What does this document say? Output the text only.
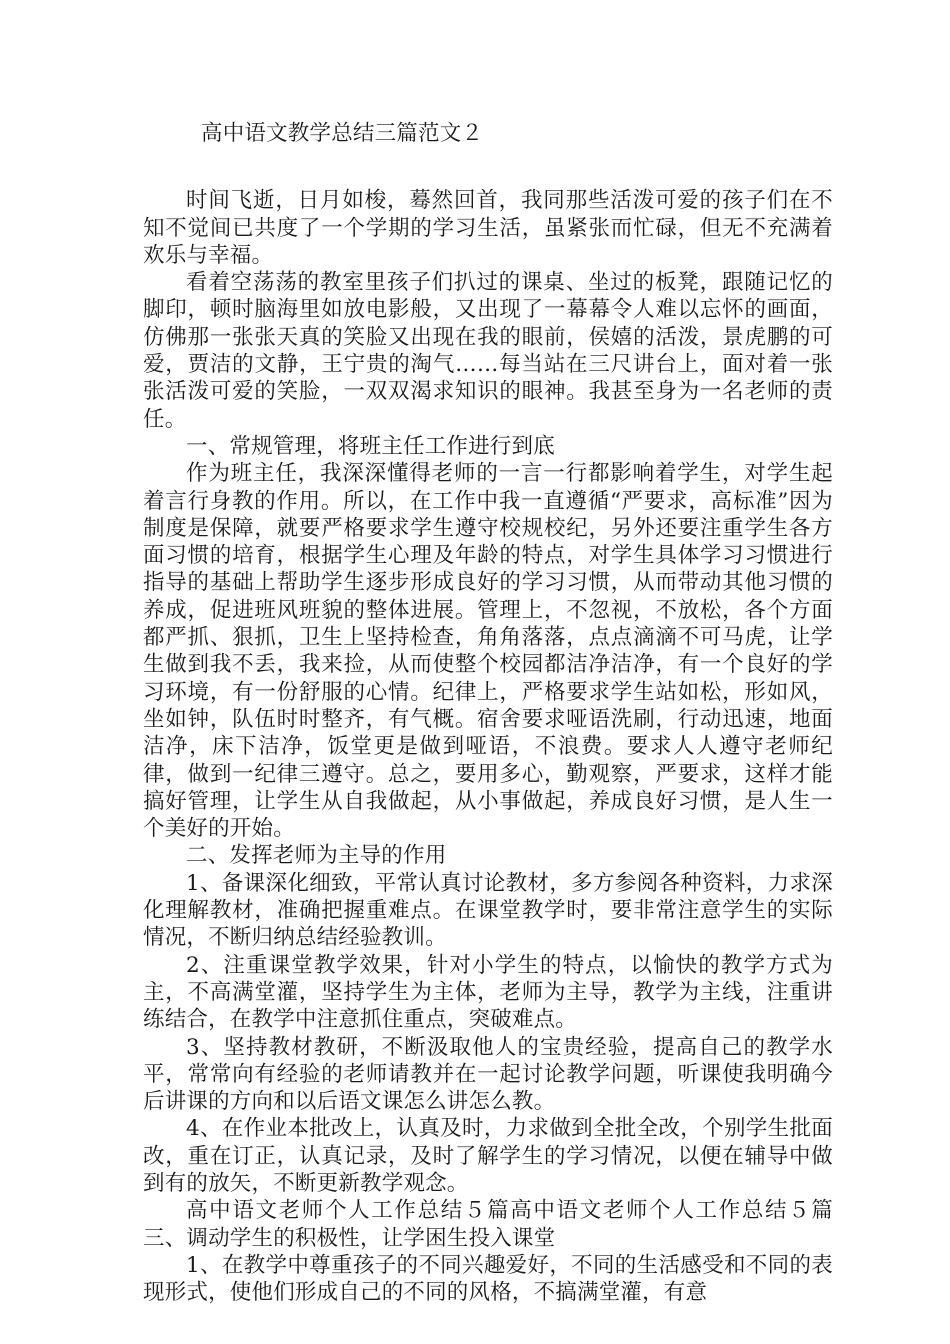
高中语文教学总结三篇范文２

时间飞逝，日月如梭，蓦然回首，我同那些活泼可爱的孩子们在不知不觉间已共度了一个学期的学习生活，虽紧张而忙碌，但无不充满着欢乐与幸福。

看着空荡荡的教室里孩子们扒过的课桌、坐过的板凳，跟随记忆的脚印，顿时脑海里如放电影般，又出现了一幕幕令人难以忘怀的画面，仿佛那一张张天真的笑脸又出现在我的眼前，侯嬉的活泼，景虎鹏的可爱，贾洁的文静，王宁贵的淘气……每当站在三尺讲台上，面对着一张张活泼可爱的笑脸，一双双渴求知识的眼神。我甚至身为一名老师的责任。

一、常规管理，将班主任工作进行到底

作为班主任，我深深懂得老师的一言一行都影响着学生，对学生起着言行身教的作用。所以，在工作中我一直遵循“严要求，高标准”因为制度是保障，就要严格要求学生遵守校规校纪，另外还要注重学生各方面习惯的培育，根据学生心理及年龄的特点，对学生具体学习习惯进行指导的基础上帮助学生逐步形成良好的学习习惯，从而带动其他习惯的养成，促进班风班貌的整体进展。管理上，不忽视，不放松，各个方面都严抓、狠抓，卫生上坚持检查，角角落落，点点滴滴不可马虎，让学生做到我不丢，我来捡，从而使整个校园都洁净洁净，有一个良好的学习环境，有一份舒服的心情。纪律上，严格要求学生站如松，形如风，坐如钟，队伍时时整齐，有气概。宿舍要求哑语洗刷，行动迅速，地面洁净，床下洁净，饭堂更是做到哑语，不浪费。要求人人遵守老师纪律，做到一纪律三遵守。总之，要用多心，勤观察，严要求，这样才能搞好管理，让学生从自我做起，从小事做起，养成良好习惯，是人生一个美好的开始。

二、发挥老师为主导的作用

1、备课深化细致，平常认真讨论教材，多方参阅各种资料，力求深化理解教材，准确把握重难点。在课堂教学时，要非常注意学生的实际情况，不断归纳总结经验教训。

2、注重课堂教学效果，针对小学生的特点，以愉快的教学方式为主，不高满堂灌，坚持学生为主体，老师为主导，教学为主线，注重讲练结合，在教学中注意抓住重点，突破难点。

3、坚持教材教研，不断汲取他人的宝贵经验，提高自己的教学水平，常常向有经验的老师请教并在一起讨论教学问题，听课使我明确今后讲课的方向和以后语文课怎么讲怎么教。

4、在作业本批改上，认真及时，力求做到全批全改，个别学生批面改，重在订正，认真记录，及时了解学生的学习情况，以便在辅导中做到有的放矢，不断更新教学观念。

高中语文老师个人工作总结５篇高中语文老师个人工作总结５篇三、调动学生的积极性，让学困生投入课堂

1、在教学中尊重孩子的不同兴趣爱好，不同的生活感受和不同的表现形式，使他们形成自己的不同的风格，不搞满堂灌，有意
